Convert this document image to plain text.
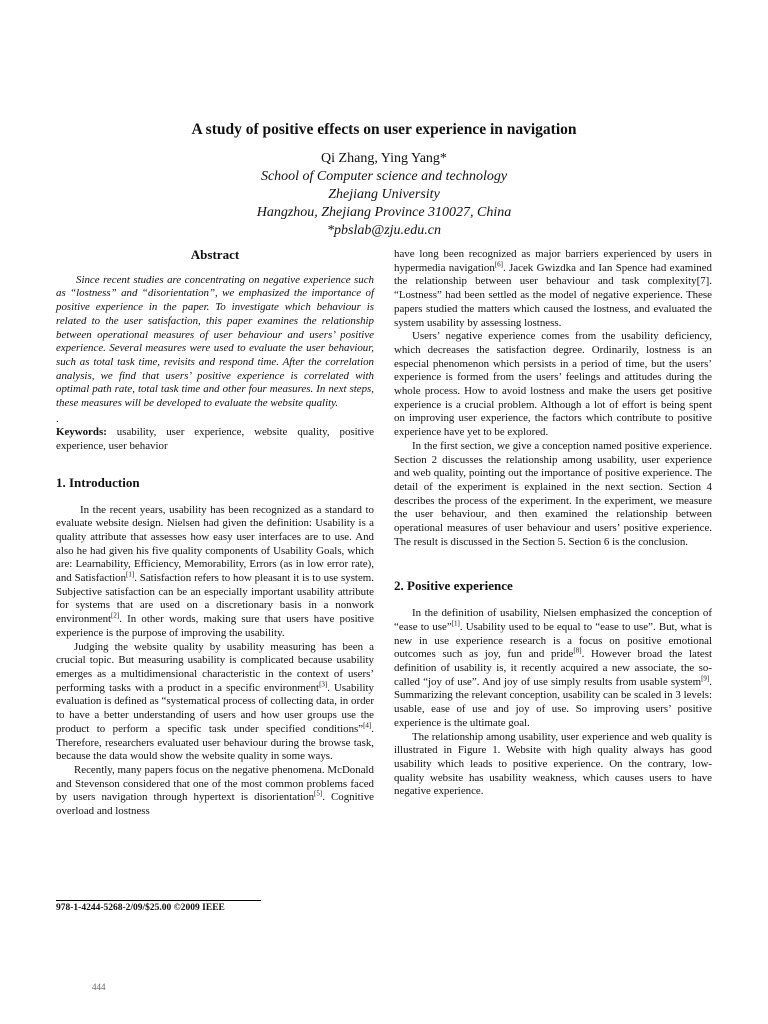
A study of positive effects on user experience in navigation
Qi Zhang, Ying Yang*
School of Computer science and technology
Zhejiang University
Hangzhou, Zhejiang Province 310027, China
*pbslab@zju.edu.cn
Abstract

Since recent studies are concentrating on negative experience such as “lostness” and “disorientation”, we emphasized the importance of positive experience in the paper. To investigate which behaviour is related to the user satisfaction, this paper examines the relationship between operational measures of user behaviour and users’ positive experience. Several measures were used to evaluate the user behaviour, such as total task time, revisits and respond time. After the correlation analysis, we find that users’ positive experience is correlated with optimal path rate, total task time and other four measures. In next steps, these measures will be developed to evaluate the website quality.

.

Keywords: usability, user experience, website quality, positive experience, user behavior

1. Introduction

In the recent years, usability has been recognized as a standard to evaluate website design. Nielsen had given the definition: Usability is a quality attribute that assesses how easy user interfaces are to use. And also he had given his five quality components of Usability Goals, which are: Learnability, Efficiency, Memorability, Errors (as in low error rate), and Satisfaction[1]. Satisfaction refers to how pleasant it is to use system. Subjective satisfaction can be an especially important usability attribute for systems that are used on a discretionary basis in a nonwork environment[2]. In other words, making sure that users have positive experience is the purpose of improving the usability.

Judging the website quality by usability measuring has been a crucial topic. But measuring usability is complicated because usability emerges as a multidimensional characteristic in the context of users’ performing tasks with a product in a specific environment[3]. Usability evaluation is defined as “systematical process of collecting data, in order to have a better understanding of users and how user groups use the product to perform a specific task under specified conditions”[4]. Therefore, researchers evaluated user behaviour during the browse task, because the data would show the website quality in some ways.

Recently, many papers focus on the negative phenomena. McDonald and Stevenson considered that one of the most common problems faced by users navigation through hypertext is disorientation[5]. Cognitive overload and lostness

have long been recognized as major barriers experienced by users in hypermedia navigation[6]. Jacek Gwizdka and Ian Spence had examined the relationship between user behaviour and task complexity[7]. “Lostness” had been settled as the model of negative experience. These papers studied the matters which caused the lostness, and evaluated the system usability by assessing lostness.

Users’ negative experience comes from the usability deficiency, which decreases the satisfaction degree. Ordinarily, lostness is an especial phenomenon which persists in a period of time, but the users’ experience is formed from the users’ feelings and attitudes during the whole process. How to avoid lostness and make the users get positive experience is a crucial problem. Although a lot of effort is being spent on improving user experience, the factors which contribute to positive experience have yet to be explored.

In the first section, we give a conception named positive experience. Section 2 discusses the relationship among usability, user experience and web quality, pointing out the importance of positive experience. The detail of the experiment is explained in the next section. Section 4 describes the process of the experiment. In the experiment, we measure the user behaviour, and then examined the relationship between operational measures of user behaviour and users’ positive experience. The result is discussed in the Section 5. Section 6 is the conclusion.

2. Positive experience

In the definition of usability, Nielsen emphasized the conception of “ease to use”[1]. Usability used to be equal to “ease to use”. But, what is new in use experience research is a focus on positive emotional outcomes such as joy, fun and pride[8]. However broad the latest definition of usability is, it recently acquired a new associate, the so-called “joy of use”. And joy of use simply results from usable system[9]. Summarizing the relevant conception, usability can be scaled in 3 levels: usable, ease of use and joy of use. So improving users’ positive experience is the ultimate goal.

The relationship among usability, user experience and web quality is illustrated in Figure 1. Website with high quality always has good usability which leads to positive experience. On the contrary, low-quality website has usability weakness, which causes users to have negative experience.

978-1-4244-5268-2/09/$25.00 ©2009 IEEE
444
